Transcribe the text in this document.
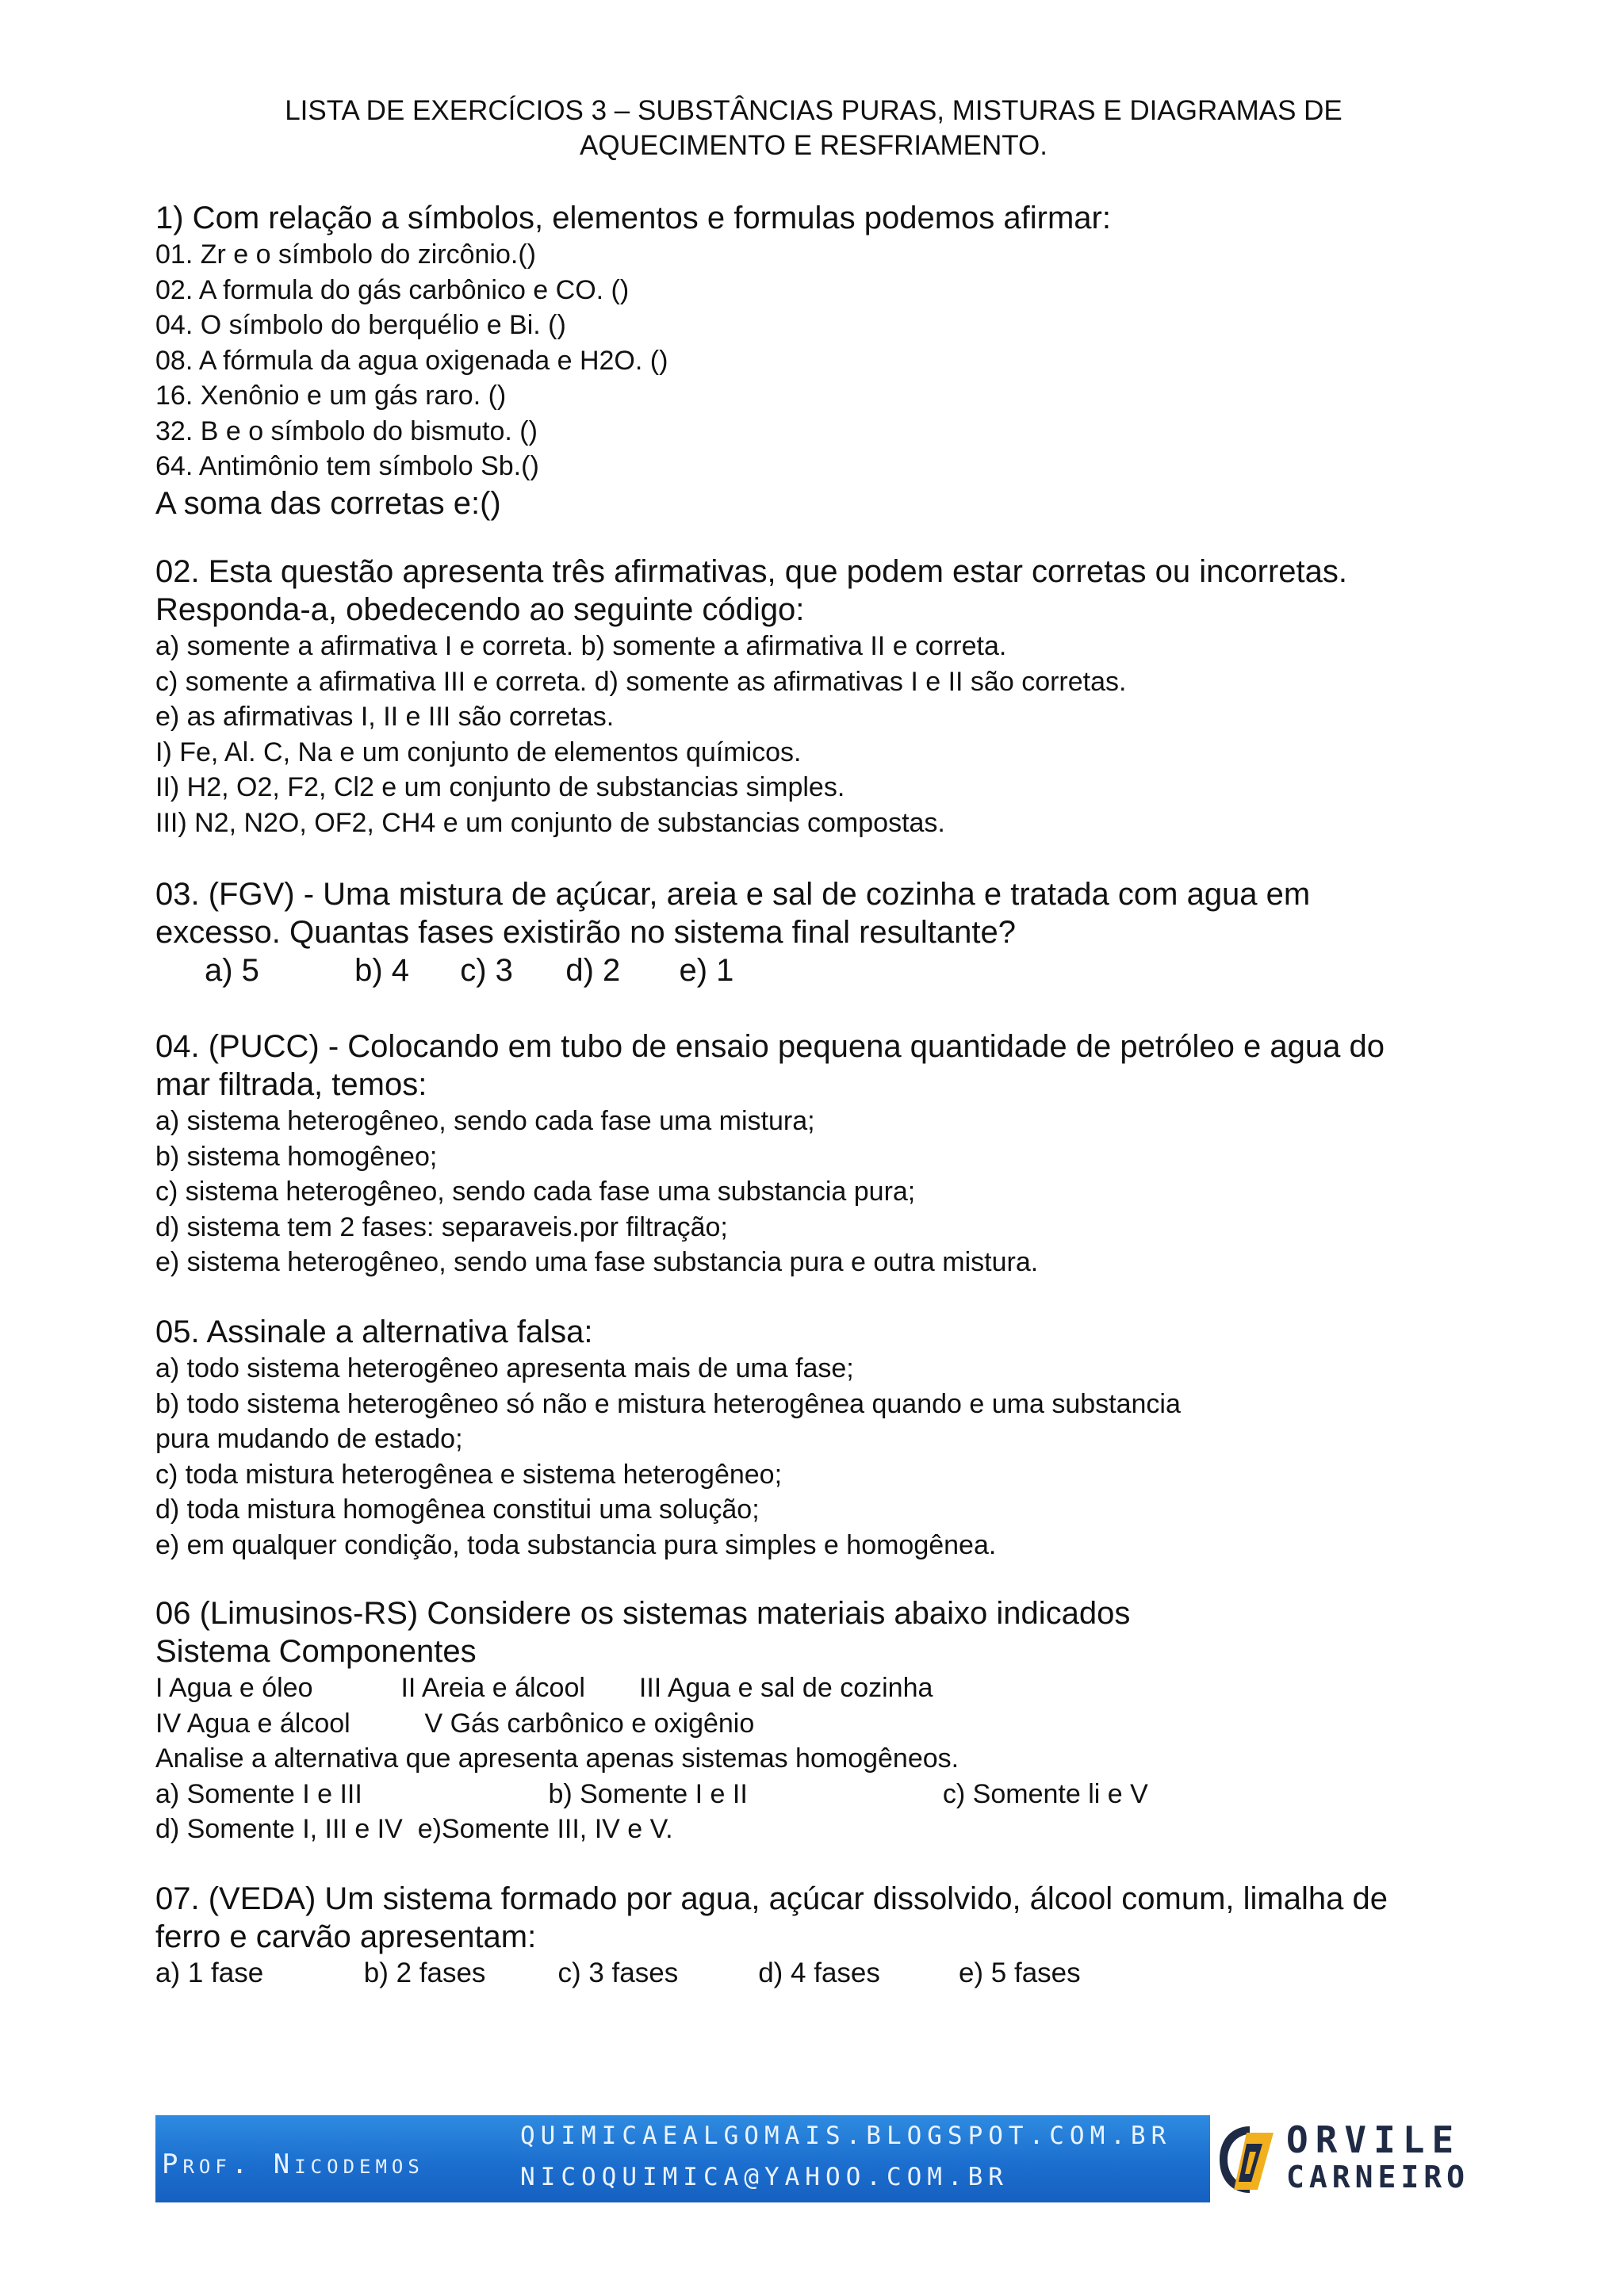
LISTA DE EXERCÍCIOS 3 – SUBSTÂNCIAS PURAS, MISTURAS E DIAGRAMAS DE
AQUECIMENTO E RESFRIAMENTO.
1) Com relação a símbolos, elementos e formulas podemos afirmar:
01. Zr e o símbolo do zircônio.()
02. A formula do gás carbônico e CO. ()
04. O símbolo do berquélio e Bi. ()
08. A fórmula da agua oxigenada e H2O. ()
16. Xenônio e um gás raro. ()
32. B e o símbolo do bismuto. ()
64. Antimônio tem símbolo Sb.()
A soma das corretas e:()
02. Esta questão apresenta três afirmativas, que podem estar corretas ou incorretas.
Responda-a, obedecendo ao seguinte código:
a) somente a afirmativa I e correta. b) somente a afirmativa II e correta.
c) somente a afirmativa III e correta. d) somente as afirmativas I e II são corretas.
e) as afirmativas I, II e III são corretas.
I) Fe, Al. C, Na e um conjunto de elementos químicos.
II) H2, O2, F2, Cl2 e um conjunto de substancias simples.
III) N2, N2O, OF2, CH4 e um conjunto de substancias compostas.
03. (FGV) - Uma mistura de açúcar, areia e sal de cozinha e tratada com agua em
excesso. Quantas fases existirão no sistema final resultante?
a) 5	b) 4 c) 3 d) 2 e) 1
04. (PUCC) - Colocando em tubo de ensaio pequena quantidade de petróleo e agua do
mar filtrada, temos:
a) sistema heterogêneo, sendo cada fase uma mistura;
b) sistema homogêneo;
c) sistema heterogêneo, sendo cada fase uma substancia pura;
d) sistema tem 2 fases: separaveis.por filtração;
e) sistema heterogêneo, sendo uma fase substancia pura e outra mistura.
05. Assinale a alternativa falsa:
a) todo sistema heterogêneo apresenta mais de uma fase;
b) todo sistema heterogêneo só não e mistura heterogênea quando e uma substancia
pura mudando de estado;
c) toda mistura heterogênea e sistema heterogêneo;
d) toda mistura homogênea constitui uma solução;
e) em qualquer condição, toda substancia pura simples e homogênea.
06 (Limusinos-RS) Considere os sistemas materiais abaixo indicados
Sistema Componentes
I Agua e óleo	II Areia e álcool III Agua e sal de cozinha
IV Agua e álcool	V Gás carbônico e oxigênio
Analise a alternativa que apresenta apenas sistemas homogêneos.
a) Somente I e III	b) Somente I e II	c) Somente li e V
d) Somente I, III e IV  e)Somente III, IV e V.
07. (VEDA) Um sistema formado por agua, açúcar dissolvido, álcool comum, limalha de
ferro e carvão apresentam:
a) 1 fase	b) 2 fases	c) 3 fases	d) 4 fases	e) 5 fases
Prof. Nicodemos
QUIMICAEALGOMAIS.BLOGSPOT.COM.BR
NICOQUIMICA@YAHOO.COM.BR
ORVILE
CARNEIRO
